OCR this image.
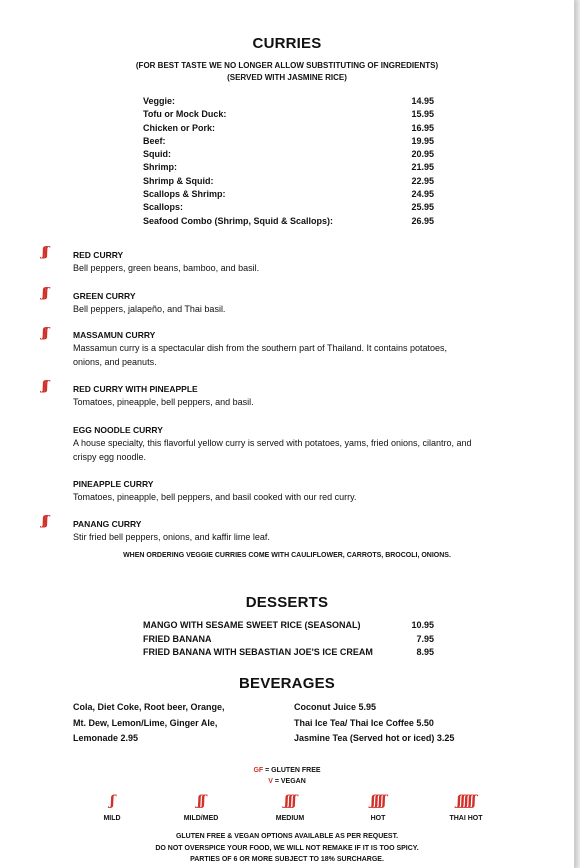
CURRIES
(FOR BEST TASTE WE NO LONGER ALLOW SUBSTITUTING OF INGREDIENTS)
(SERVED WITH JASMINE RICE)
Veggie:	14.95
Tofu or Mock Duck:	15.95
Chicken or Pork:	16.95
Beef:	19.95
Squid:	20.95
Shrimp:	21.95
Shrimp & Squid:	22.95
Scallops & Shrimp:	24.95
Scallops:	25.95
Seafood Combo (Shrimp, Squid & Scallops):	26.95
ʃʃ	RED CURRY
Bell peppers, green beans, bamboo, and basil.
ʃʃ	GREEN CURRY
Bell peppers, jalapeño, and Thai basil.
ʃʃ	MASSAMUN CURRY
Massamun curry is a spectacular dish from the southern part of Thailand. It contains potatoes, onions, and peanuts.
ʃʃ	RED CURRY WITH PINEAPPLE
Tomatoes, pineapple, bell peppers, and basil.
EGG NOODLE CURRY
A house specialty, this flavorful yellow curry is served with potatoes, yams, fried onions, cilantro, and crispy egg noodle.
PINEAPPLE CURRY
Tomatoes, pineapple, bell peppers, and basil cooked with our red curry.
ʃʃ	PANANG CURRY
Stir fried bell peppers, onions, and kaffir lime leaf.
WHEN ORDERING VEGGIE CURRIES COME WITH CAULIFLOWER, CARROTS, BROCOLI, ONIONS.
DESSERTS
MANGO WITH SESAME SWEET RICE (SEASONAL)	10.95
FRIED BANANA	7.95
FRIED BANANA WITH SEBASTIAN JOE'S ICE CREAM	8.95
BEVERAGES
Cola, Diet Coke, Root beer, Orange,
Mt. Dew, Lemon/Lime, Ginger Ale,
Lemonade 2.95
Coconut Juice 5.95
Thai Ice Tea/ Thai Ice Coffee 5.50
Jasmine Tea (Served hot or iced) 3.25
GF = GLUTEN FREE
V = VEGAN
ʃ
MILD
ʃʃ
MILD/MED
ʃʃʃ
MEDIUM
ʃʃʃʃ
HOT
ʃʃʃʃʃ
THAI HOT
GLUTEN FREE & VEGAN OPTIONS AVAILABLE AS PER REQUEST.
DO NOT OVERSPICE YOUR FOOD, WE WILL NOT REMAKE IF IT IS TOO SPICY.
PARTIES OF 6 OR MORE SUBJECT TO 18% SURCHARGE.
